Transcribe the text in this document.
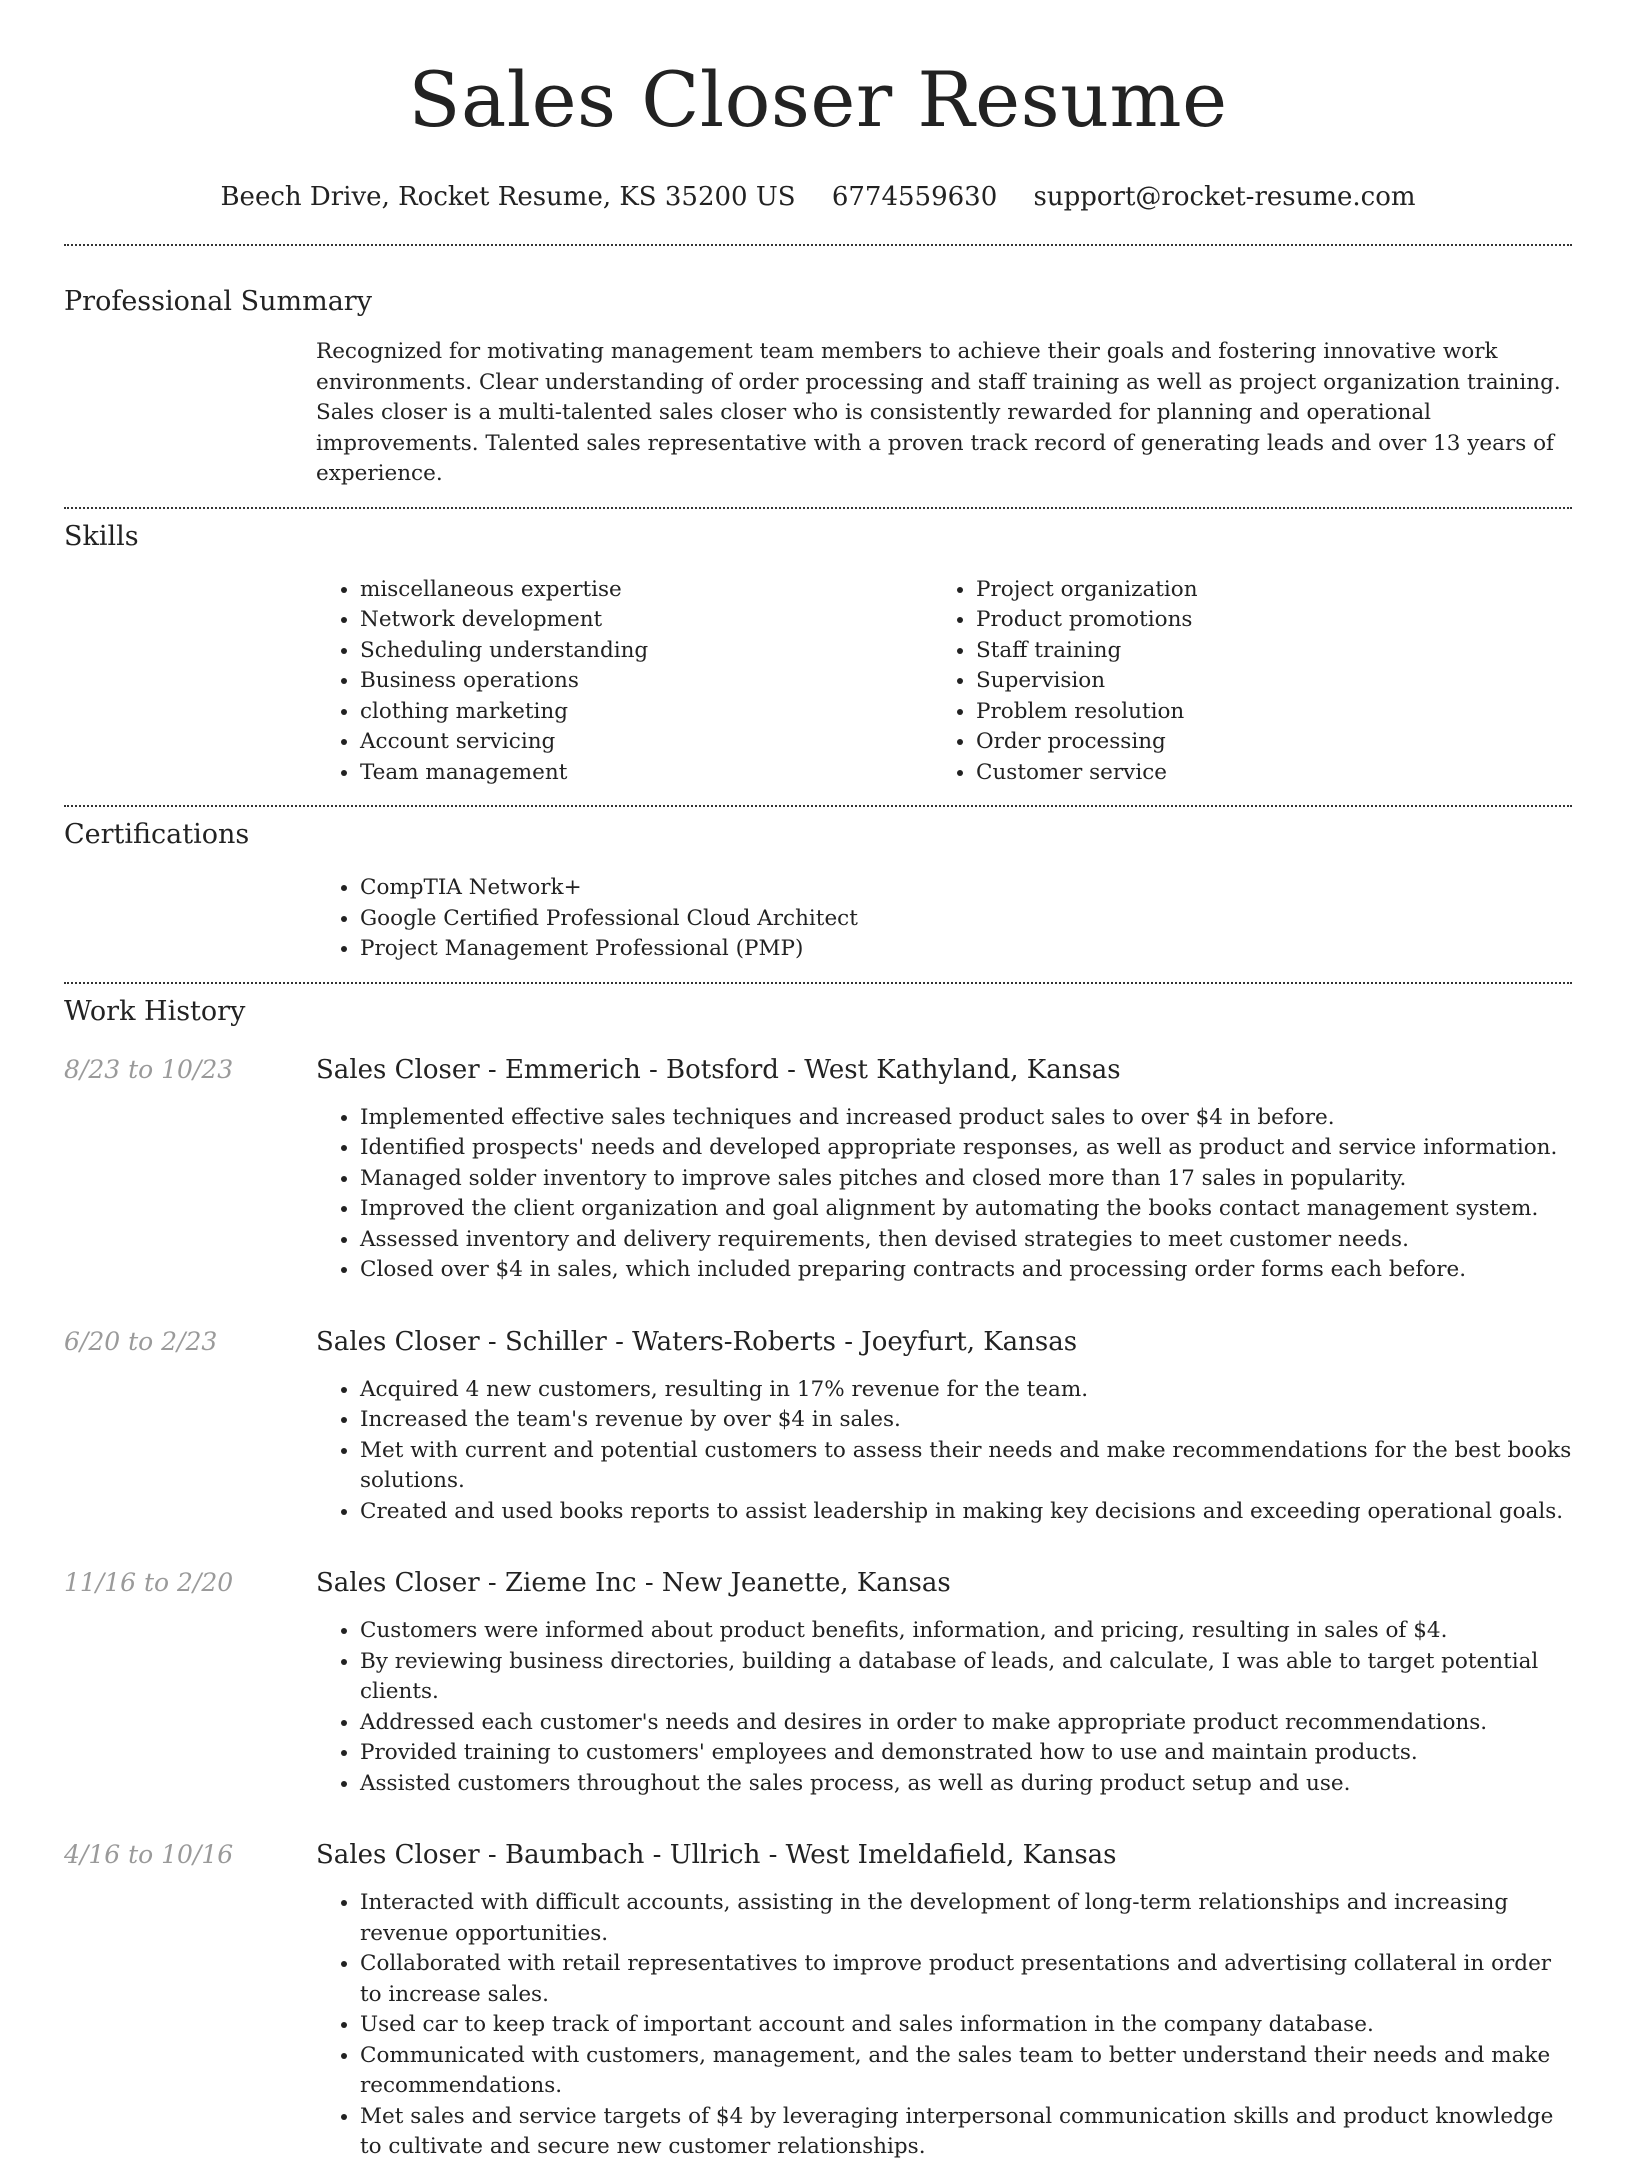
Sales Closer Resume
Beech Drive, Rocket Resume, KS 35200 US 6774559630 support@rocket-resume.com
Professional Summary

Recognized for motivating management team members to achieve their goals and fostering innovative work environments. Clear understanding of order processing and staff training as well as project organization training. Sales closer is a multi-talented sales closer who is consistently rewarded for planning and operational improvements. Talented sales representative with a proven track record of generating leads and over 13 years of experience.

Skills
• miscellaneous expertise
• Network development
• Scheduling understanding
• Business operations
• clothing marketing
• Account servicing
• Team management
• Project organization
• Product promotions
• Staff training
• Supervision
• Problem resolution
• Order processing
• Customer service
Certifications
• CompTIA Network+
• Google Certified Professional Cloud Architect
• Project Management Professional (PMP)
Work History
8/23 to 10/23	Sales Closer - Emmerich - Botsford - West Kathyland, Kansas
• Implemented effective sales techniques and increased product sales to over $4 in before.
• Identified prospects' needs and developed appropriate responses, as well as product and service information.
• Managed solder inventory to improve sales pitches and closed more than 17 sales in popularity.
• Improved the client organization and goal alignment by automating the books contact management system.
• Assessed inventory and delivery requirements, then devised strategies to meet customer needs.
• Closed over $4 in sales, which included preparing contracts and processing order forms each before.
6/20 to 2/23	Sales Closer - Schiller - Waters-Roberts - Joeyfurt, Kansas
• Acquired 4 new customers, resulting in 17% revenue for the team.
• Increased the team's revenue by over $4 in sales.
• Met with current and potential customers to assess their needs and make recommendations for the best books solutions.
• Created and used books reports to assist leadership in making key decisions and exceeding operational goals.
11/16 to 2/20	Sales Closer - Zieme Inc - New Jeanette, Kansas
• Customers were informed about product benefits, information, and pricing, resulting in sales of $4.
• By reviewing business directories, building a database of leads, and calculate, I was able to target potential clients.
• Addressed each customer's needs and desires in order to make appropriate product recommendations.
• Provided training to customers' employees and demonstrated how to use and maintain products.
• Assisted customers throughout the sales process, as well as during product setup and use.
4/16 to 10/16	Sales Closer - Baumbach - Ullrich - West Imeldafield, Kansas
• Interacted with difficult accounts, assisting in the development of long-term relationships and increasing revenue opportunities.
• Collaborated with retail representatives to improve product presentations and advertising collateral in order to increase sales.
• Used car to keep track of important account and sales information in the company database.
• Communicated with customers, management, and the sales team to better understand their needs and make recommendations.
• Met sales and service targets of $4 by leveraging interpersonal communication skills and product knowledge to cultivate and secure new customer relationships.
